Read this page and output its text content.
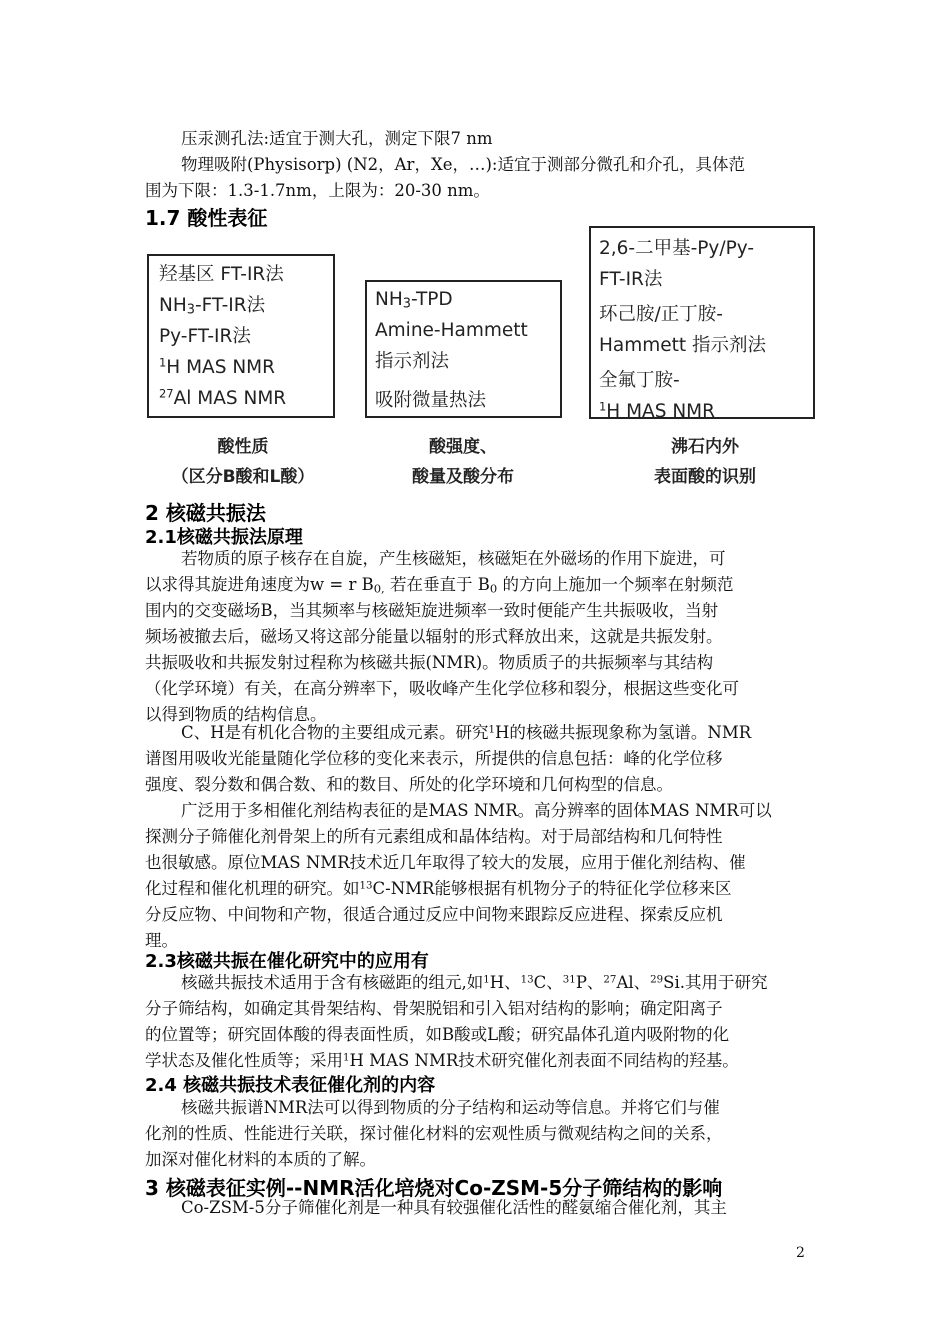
压汞测孔法:适宜于测大孔，测定下限7 nm
物理吸附(Physisorp) (N2，Ar，Xe，…):适宜于测部分微孔和介孔，具体范
围为下限：1.3-1.7nm，上限为：20-30 nm。
1.7 酸性表征
羟基区 FT-IR法
$NH_3-FT-IR$法
Py-FT-IR法
$^1$H MAS NMR
$^{27}$Al MAS NMR
$NH_3$-TPD
Amine-Hammett
指示剂法
吸附微量热法
2,6-二甲基-Py/Py-
FT-IR法
环己胺/正丁胺-
Hammett 指示剂法
全氟丁胺-
$^1$H MAS NMR
酸性质
（区分B酸和L酸）
酸强度、
酸量及酸分布
沸石内外
表面酸的识别
2 核磁共振法
2.1核磁共振法原理
若物质的原子核存在自旋，产生核磁矩，核磁矩在外磁场的作用下旋进，可
以求得其旋进角速度为w = r $B_{0,}$ 若在垂直于 $B_0$ 的方向上施加一个频率在射频范
围内的交变磁场B，当其频率与核磁矩旋进频率一致时便能产生共振吸收，当射
频场被撤去后，磁场又将这部分能量以辐射的形式释放出来，这就是共振发射。
共振吸收和共振发射过程称为核磁共振(NMR)。物质质子的共振频率与其结构
（化学环境）有关，在高分辨率下，吸收峰产生化学位移和裂分，根据这些变化可
以得到物质的结构信息。
C、H是有机化合物的主要组成元素。研究$^1$H的核磁共振现象称为氢谱。NMR
谱图用吸收光能量随化学位移的变化来表示，所提供的信息包括：峰的化学位移
强度、裂分数和偶合数、和的数目、所处的化学环境和几何构型的信息。
广泛用于多相催化剂结构表征的是MAS NMR。高分辨率的固体MAS NMR可以
探测分子筛催化剂骨架上的所有元素组成和晶体结构。对于局部结构和几何特性
也很敏感。原位MAS NMR技术近几年取得了较大的发展，应用于催化剂结构、催
化过程和催化机理的研究。如$^{13}$C-NMR能够根据有机物分子的特征化学位移来区
分反应物、中间物和产物，很适合通过反应中间物来跟踪反应进程、探索反应机
理。
2.3核磁共振在催化研究中的应用有
核磁共振技术适用于含有核磁距的组元,如$^1$H、$^{13}$C、$^{31}$P、$^{27}$Al、$^{29}$Si.其用于研究
分子筛结构，如确定其骨架结构、骨架脱铝和引入铝对结构的影响；确定阳离子
的位置等；研究固体酸的得表面性质，如B酸或L酸；研究晶体孔道内吸附物的化
学状态及催化性质等；采用$^1$H MAS NMR技术研究催化剂表面不同结构的羟基。
2.4 核磁共振技术表征催化剂的内容
核磁共振谱NMR法可以得到物质的分子结构和运动等信息。并将它们与催
化剂的性质、性能进行关联，探讨催化材料的宏观性质与微观结构之间的关系，
加深对催化材料的本质的了解。
3 核磁表征实例--NMR活化培烧对Co-ZSM-5分子筛结构的影响
Co-ZSM-5分子筛催化剂是一种具有较强催化活性的醛氨缩合催化剂，其主
2
